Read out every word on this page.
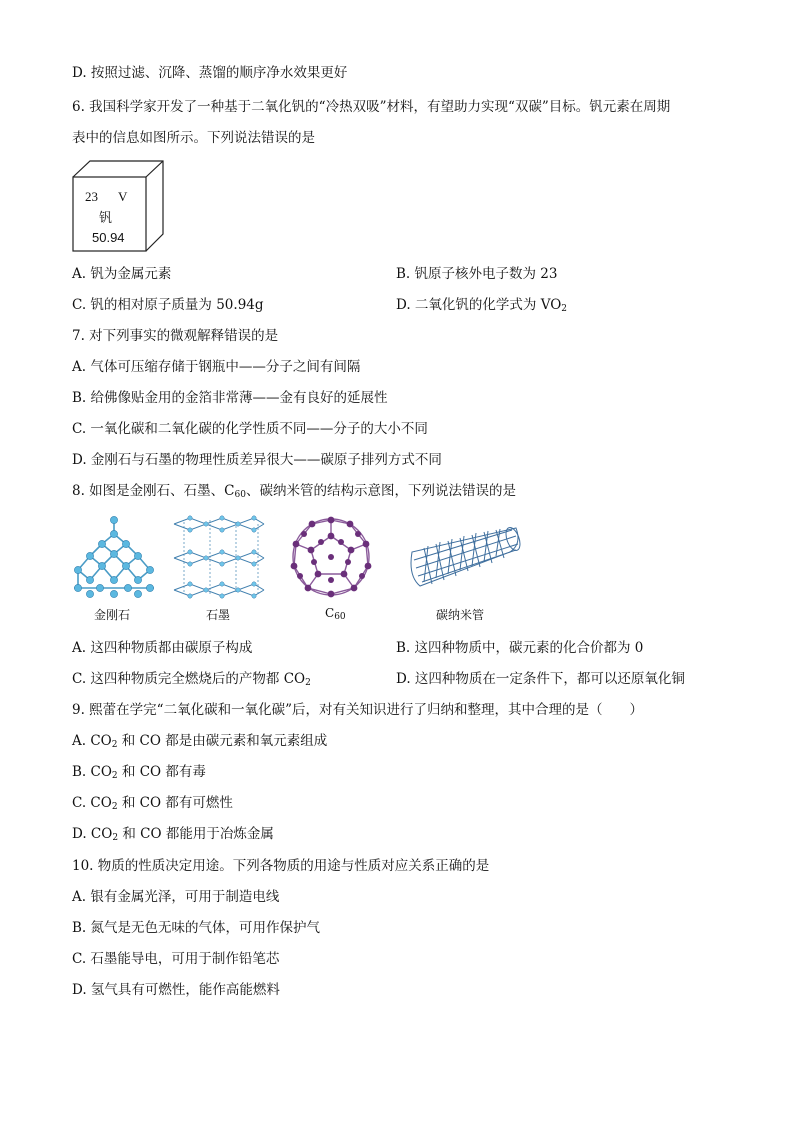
D. 按照过滤、沉降、蒸馏的顺序净水效果更好
6. 我国科学家开发了一种基于二氧化钒的“冷热双吸”材料，有望助力实现“双碳”目标。钒元素在周期
表中的信息如图所示。下列说法错误的是
23 V
钒
50.94
A. 钒为金属元素	B. 钒原子核外电子数为 23
C. 钒的相对原子质量为 50.94g	D. 二氧化钒的化学式为 $VO_2$
7. 对下列事实的微观解释错误的是
A. 气体可压缩存储于钢瓶中——分子之间有间隔
B. 给佛像贴金用的金箔非常薄——金有良好的延展性
C. 一氧化碳和二氧化碳的化学性质不同——分子的大小不同
D. 金刚石与石墨的物理性质差异很大——碳原子排列方式不同
8. 如图是金刚石、石墨、$C_{60}$、碳纳米管的结构示意图，下列说法错误的是
金刚石	石墨	$C_{60}$	碳纳米管
A. 这四种物质都由碳原子构成	B. 这四种物质中，碳元素的化合价都为 0
C. 这四种物质完全燃烧后的产物都 $CO_2$	D. 这四种物质在一定条件下，都可以还原氧化铜
9. 熙蕾在学完“二氧化碳和一氧化碳”后，对有关知识进行了归纳和整理，其中合理的是（　　）
A. $CO_2$ 和 CO 都是由碳元素和氧元素组成
B. $CO_2$ 和 CO 都有毒
C. $CO_2$ 和 CO 都有可燃性
D. $CO_2$ 和 CO 都能用于冶炼金属
10. 物质的性质决定用途。下列各物质的用途与性质对应关系正确的是
A. 银有金属光泽，可用于制造电线
B. 氮气是无色无味的气体，可用作保护气
C. 石墨能导电，可用于制作铅笔芯
D. 氢气具有可燃性，能作高能燃料
